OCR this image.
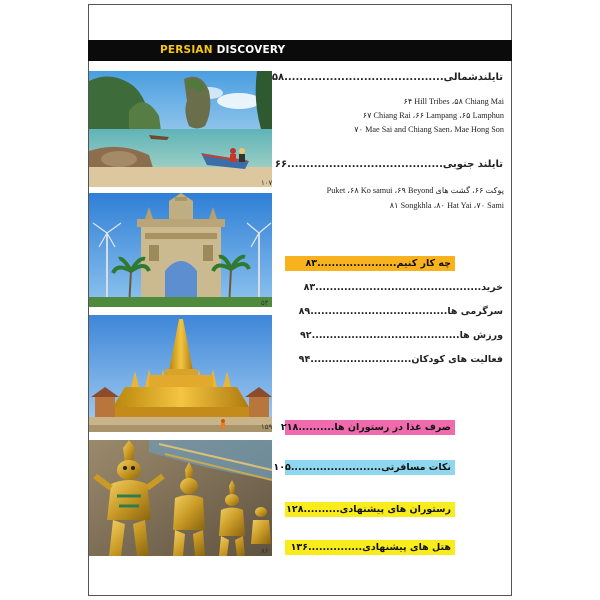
PERSIAN DISCOVERY
۱۰۷
۵۴
۱۵۹
۸۶
تایلندشمالی..........................................۵۸
۶۴ Hill Tribes ،۵۸ Chiang Mai
۶۷ Chiang Rai ،۶۶ Lampang ،۶۵ Lamphun
۷۰ Mae Sai and Chiang Saen، Mae Hong Son
تایلند جنوبی.........................................۶۶
پوکت ۶۶، گشت های Puket ،۶۸ Ko samui ،۶۹ Beyond
۸۱ Songkhla ،۸۰ Hat Yai ،۷۰ Sami
چه کار کنیم......................۸۳
خرید..............................................۸۳
سرگرمی ها......................................۸۹
ورزش ها.........................................۹۲
فعالیت های کودکان............................۹۴
صرف غذا در رستوران ها..........۲۱۸
نکات مسافرتی.........................۱۰۵
رستوران های پیشنهادی..........۱۲۸
هتل های پیشنهادی...............۱۳۶
